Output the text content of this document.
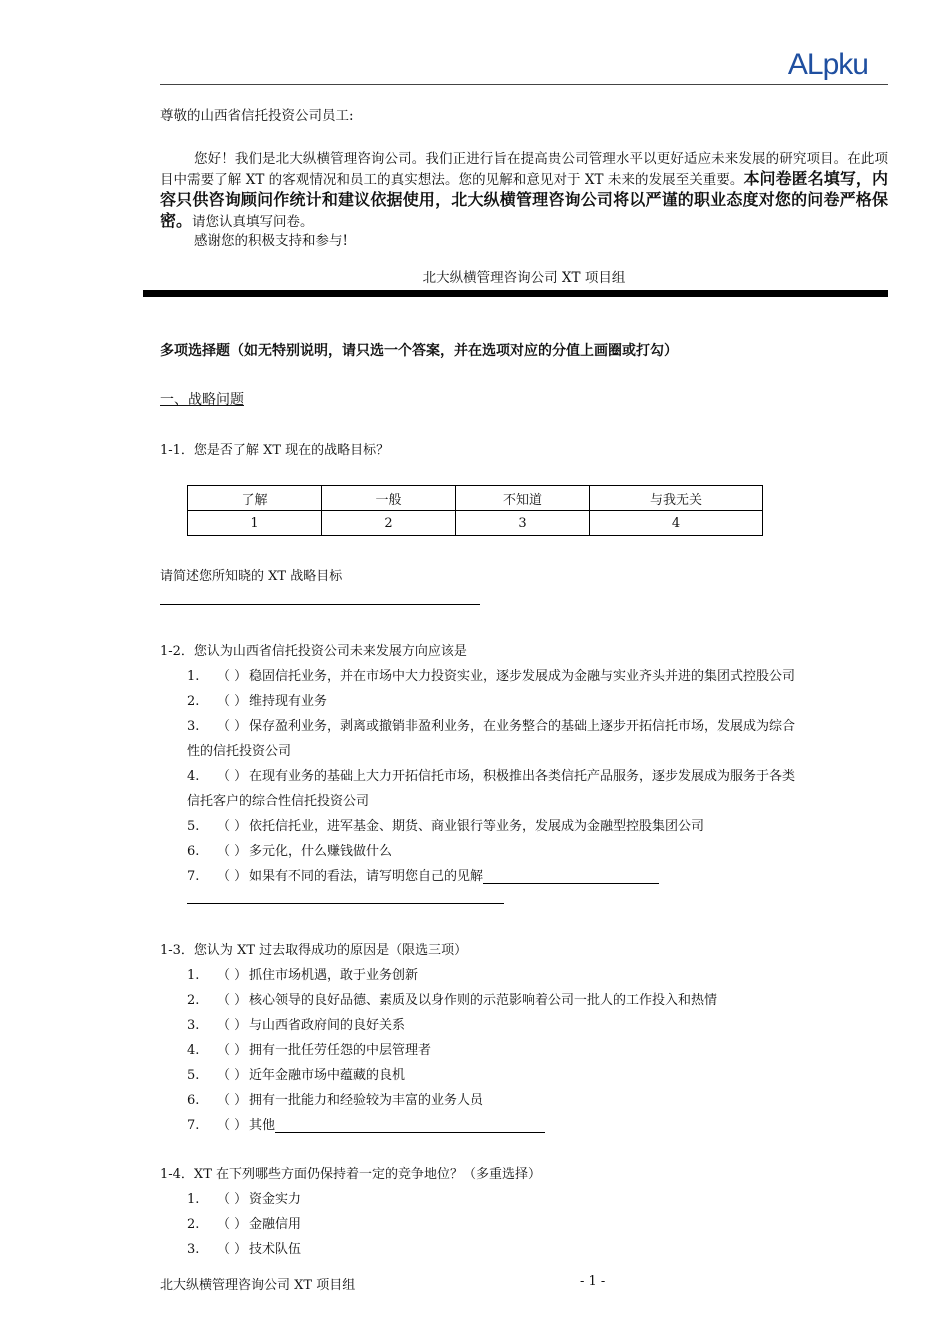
ALpku
尊敬的山西省信托投资公司员工:

您好！我们是北大纵横管理咨询公司。我们正进行旨在提高贵公司管理水平以更好适应未来发展的研究项目。在此项目中需要了解 XT 的客观情况和员工的真实想法。您的见解和意见对于 XT 未来的发展至关重要。本问卷匿名填写，内容只供咨询顾问作统计和建议依据使用，北大纵横管理咨询公司将以严谨的职业态度对您的问卷严格保密。请您认真填写问卷。

感谢您的积极支持和参与!
北大纵横管理咨询公司 XT 项目组
多项选择题（如无特别说明，请只选一个答案，并在选项对应的分值上画圈或打勾）
一、战略问题
1-1．您是否了解 XT 现在的战略目标？
了解	一般	不知道	与我无关
1	2	3	4
请简述您所知晓的 XT 战略目标
1-2．您认为山西省信托投资公司未来发展方向应该是
1. （ ） 稳固信托业务，并在市场中大力投资实业，逐步发展成为金融与实业齐头并进的集团式控股公司
2. （ ） 维持现有业务
3. （ ） 保存盈利业务，剥离或撤销非盈利业务，在业务整合的基础上逐步开拓信托市场，发展成为综合
性的信托投资公司
4. （ ） 在现有业务的基础上大力开拓信托市场，积极推出各类信托产品服务，逐步发展成为服务于各类
信托客户的综合性信托投资公司
5. （ ） 依托信托业，进军基金、期货、商业银行等业务，发展成为金融型控股集团公司
6. （ ） 多元化，什么赚钱做什么
7. （ ） 如果有不同的看法，请写明您自己的见解
1-3．您认为 XT 过去取得成功的原因是（限选三项）
1. （ ） 抓住市场机遇，敢于业务创新
2. （ ） 核心领导的良好品德、素质及以身作则的示范影响着公司一批人的工作投入和热情
3. （ ） 与山西省政府间的良好关系
4. （ ） 拥有一批任劳任怨的中层管理者
5. （ ） 近年金融市场中蕴藏的良机
6. （ ） 拥有一批能力和经验较为丰富的业务人员
7. （ ） 其他
1-4．XT 在下列哪些方面仍保持着一定的竞争地位？（多重选择）
1. （ ） 资金实力
2. （ ） 金融信用
3. （ ） 技术队伍
北大纵横管理咨询公司 XT 项目组	- 1 -
